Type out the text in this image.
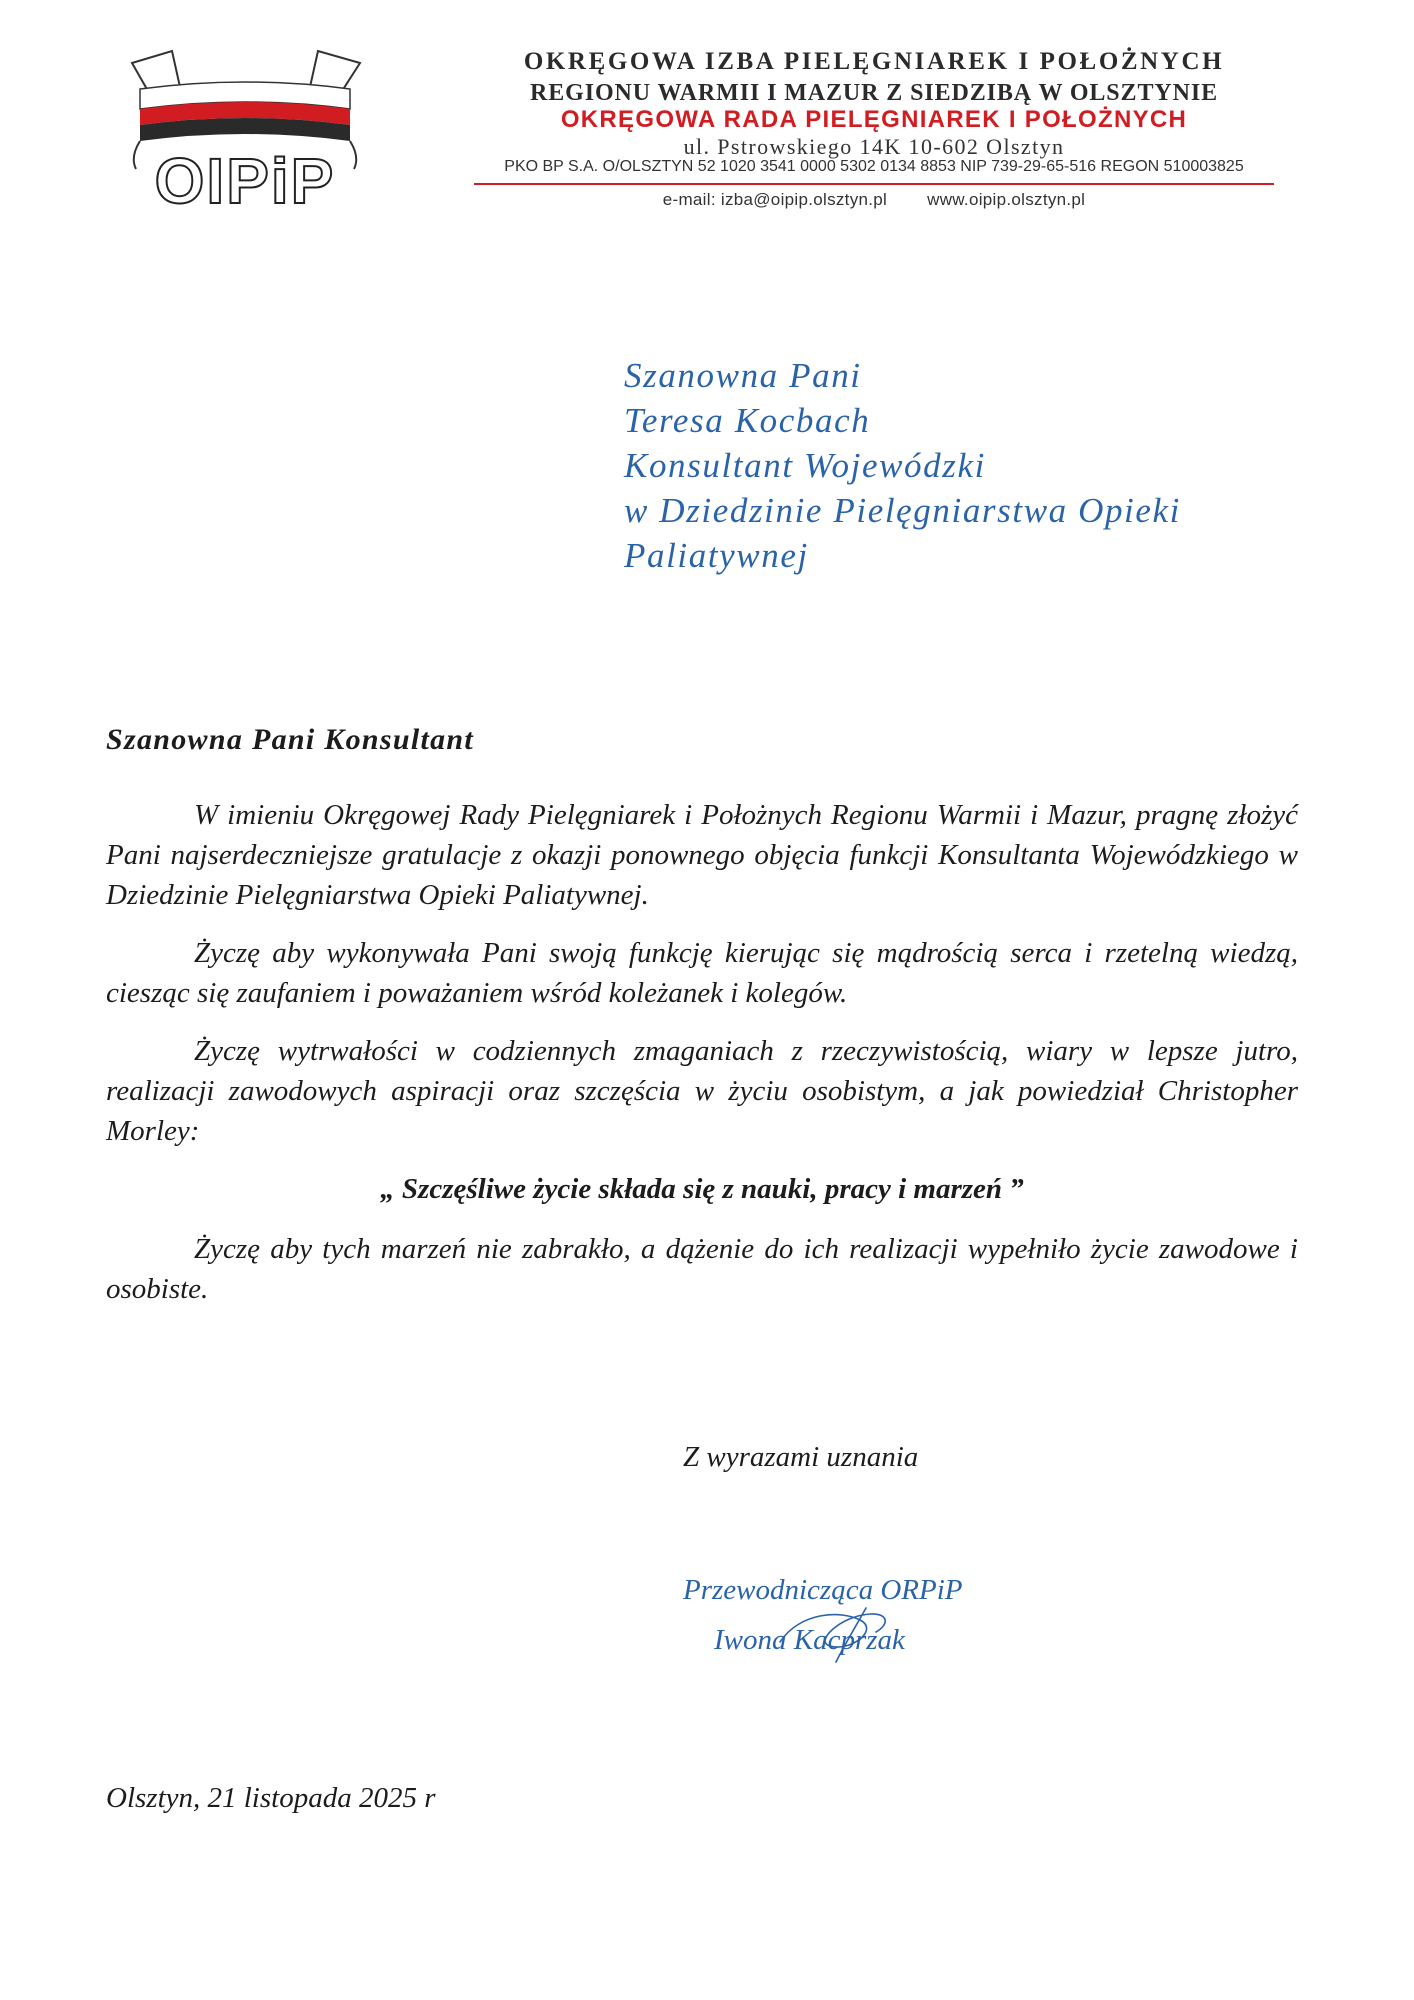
OIPiP
OKRĘGOWA IZBA PIELĘGNIAREK I POŁOŻNYCH
REGIONU WARMII I MAZUR Z SIEDZIBĄ W OLSZTYNIE
OKRĘGOWA RADA PIELĘGNIAREK I POŁOŻNYCH
ul. Pstrowskiego 14K 10-602 Olsztyn
PKO BP S.A. O/OLSZTYN 52 1020 3541 0000 5302 0134 8853 NIP 739-29-65-516 REGON 510003825
e-mail: izba@oipip.olsztyn.pl www.oipip.olsztyn.pl
Szanowna Pani
Teresa Kocbach
Konsultant Wojewódzki
w Dziedzinie Pielęgniarstwa Opieki
Paliatywnej
Szanowna Pani Konsultant

W imieniu Okręgowej Rady Pielęgniarek i Położnych Regionu Warmii i Mazur, pragnę złożyć Pani najserdeczniejsze gratulacje z okazji ponownego objęcia funkcji Konsultanta Wojewódzkiego w Dziedzinie Pielęgniarstwa Opieki Paliatywnej.

Życzę aby wykonywała Pani swoją funkcję kierując się mądrością serca i rzetelną wiedzą, ciesząc się zaufaniem i poważaniem wśród koleżanek i kolegów.

Życzę wytrwałości w codziennych zmaganiach z rzeczywistością, wiary w lepsze jutro, realizacji zawodowych aspiracji oraz szczęścia w życiu osobistym, a jak powiedział Christopher Morley:

„ Szczęśliwe życie składa się z nauki, pracy i marzeń ”

Życzę aby tych marzeń nie zabrakło, a dążenie do ich realizacji wypełniło życie zawodowe i osobiste.

Z wyrazami uznania
Przewodnicząca ORPiP
Iwona Kacprzak
Olsztyn, 21 listopada 2025 r
